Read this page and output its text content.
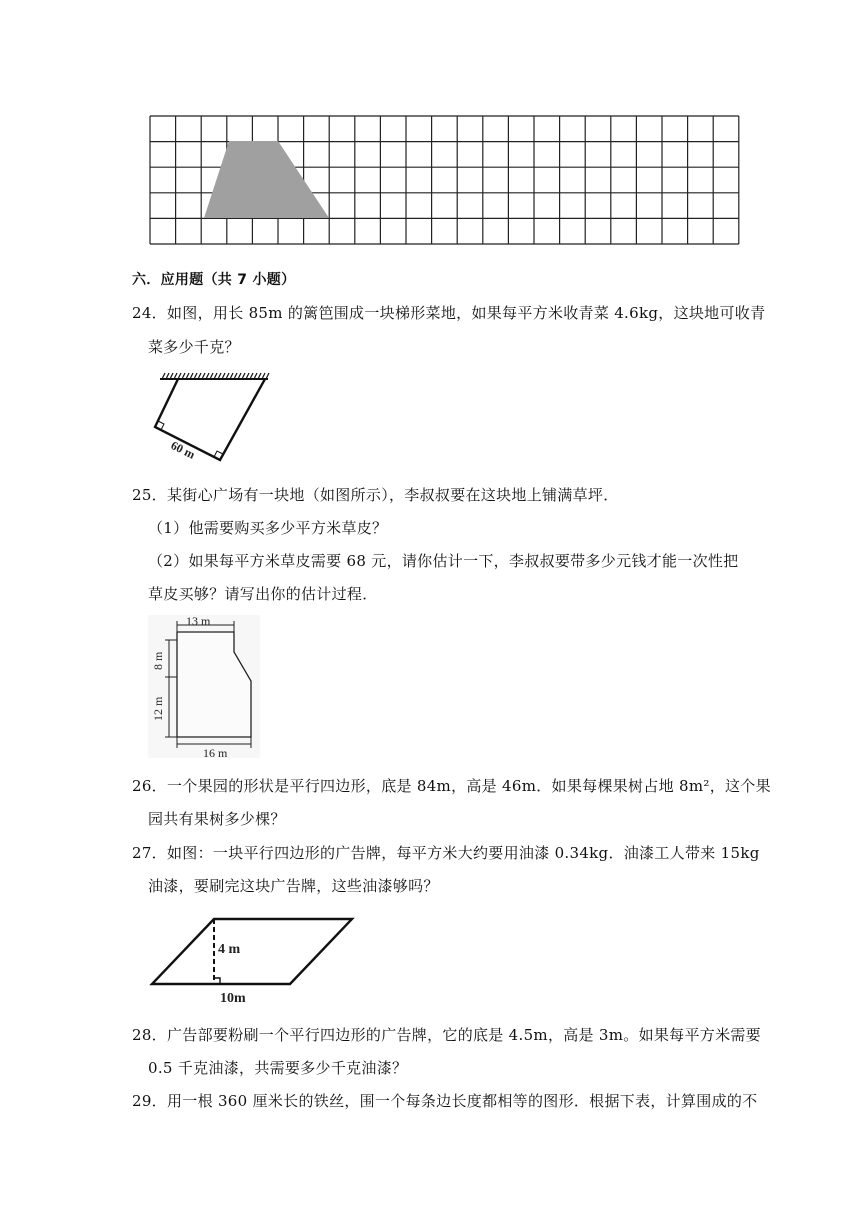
六．应用题（共 7 小题）
24．如图，用长 85m 的篱笆围成一块梯形菜地，如果每平方米收青菜 4.6kg，这块地可收青
菜多少千克？
60 m
25．某街心广场有一块地（如图所示），李叔叔要在这块地上铺满草坪．
（1）他需要购买多少平方米草皮？
（2）如果每平方米草皮需要 68 元，请你估计一下，李叔叔要带多少元钱才能一次性把
草皮买够？请写出你的估计过程．
13 m
8 m
12 m
16 m
26．一个果园的形状是平行四边形，底是 84m，高是 46m．如果每棵果树占地 8m²，这个果
园共有果树多少棵？
27．如图：一块平行四边形的广告牌，每平方米大约要用油漆 0.34kg．油漆工人带来 15kg
油漆，要刷完这块广告牌，这些油漆够吗？
4 m
10m
28．广告部要粉刷一个平行四边形的广告牌，它的底是 4.5m，高是 3m。如果每平方米需要
0.5 千克油漆，共需要多少千克油漆？
29．用一根 360 厘米长的铁丝，围一个每条边长度都相等的图形．根据下表，计算围成的不
